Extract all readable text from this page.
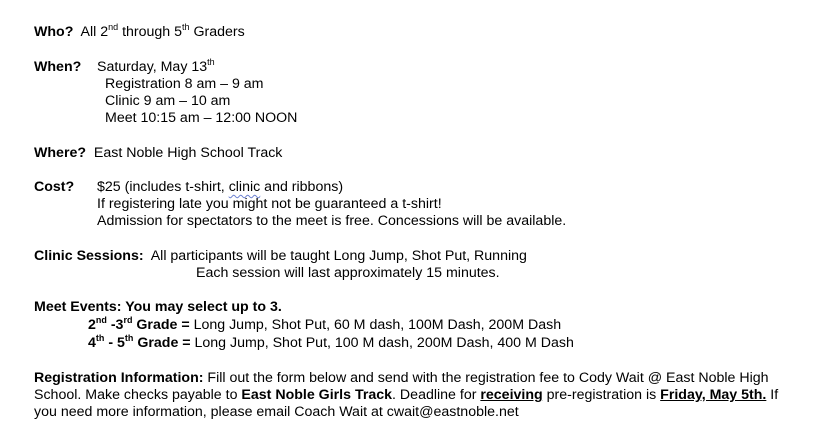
Who? All 2nd through 5th Graders
When? Saturday, May 13th
Registration 8 am – 9 am
Clinic 9 am – 10 am
Meet 10:15 am – 12:00 NOON
Where? East Noble High School Track
Cost? $25 (includes t-shirt, clinic and ribbons)
If registering late you might not be guaranteed a t-shirt!
Admission for spectators to the meet is free. Concessions will be available.
Clinic Sessions: All participants will be taught Long Jump, Shot Put, Running
Each session will last approximately 15 minutes.
Meet Events: You may select up to 3.
2nd -3rd Grade = Long Jump, Shot Put, 60 M dash, 100M Dash, 200M Dash
4th - 5th Grade = Long Jump, Shot Put, 100 M dash, 200M Dash, 400 M Dash
Registration Information: Fill out the form below and send with the registration fee to Cody Wait @ East Noble High
School. Make checks payable to East Noble Girls Track. Deadline for receiving pre-registration is Friday, May 5th. If
you need more information, please email Coach Wait at cwait@eastnoble.net
